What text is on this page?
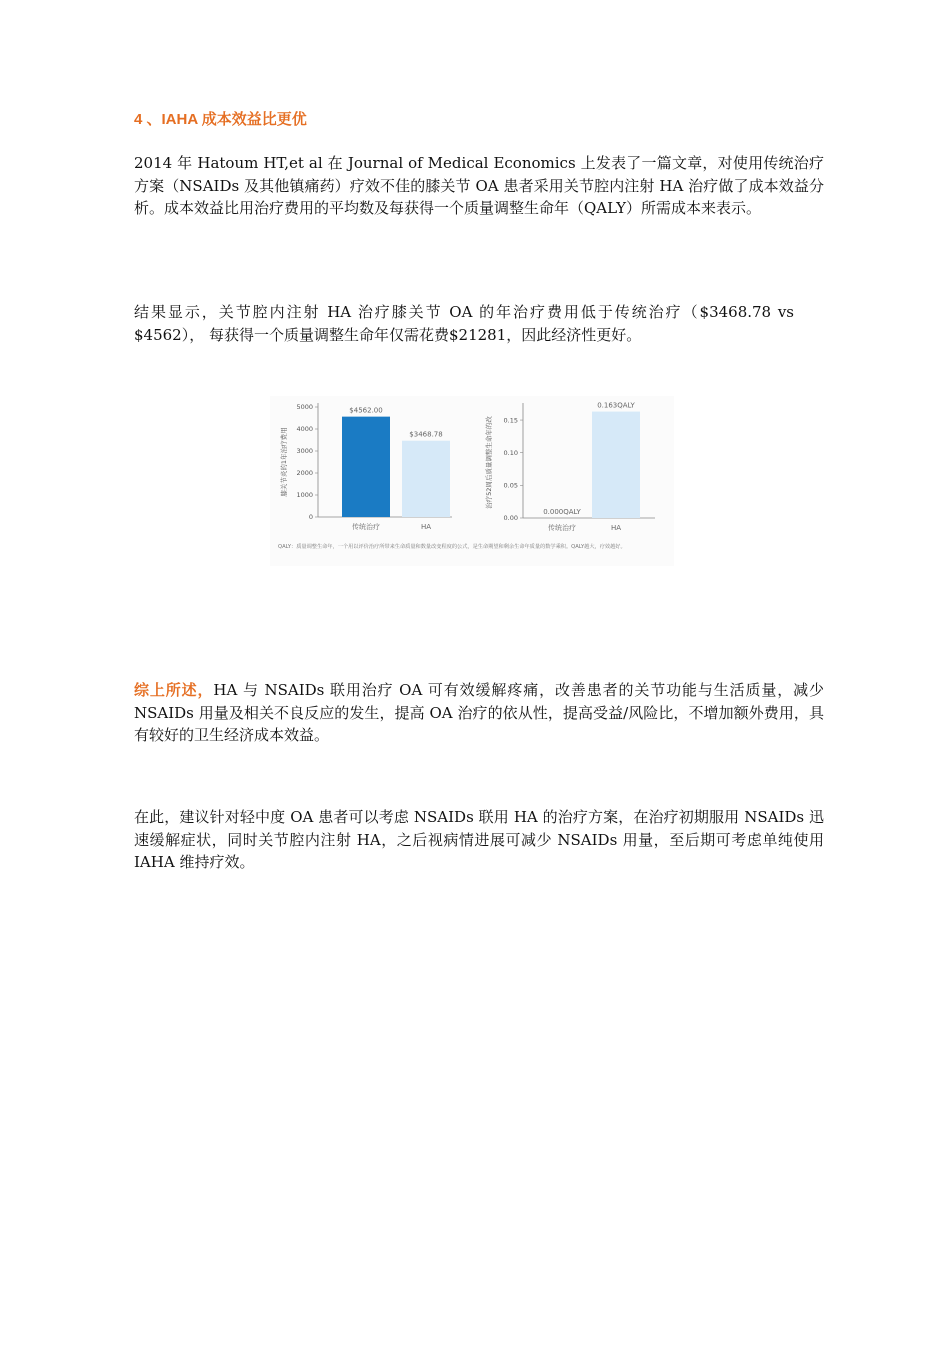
4 、IAHA 成本效益比更优
2014 年 Hatoum HT,et al 在 Journal of Medical Economics 上发表了一篇文章，对使用传统治疗方案（NSAIDs 及其他镇痛药）疗效不佳的膝关节 OA 患者采用关节腔内注射 HA 治疗做了成本效益分析。成本效益比用治疗费用的平均数及每获得一个质量调整生命年（QALY）所需成本来表示。
结果显示，关节腔内注射 HA 治疗膝关节 OA 的年治疗费用低于传统治疗（$3468.78 vs $4562）， 每获得一个质量调整生命年仅需花费$21281，因此经济性更好。
0
1000
2000
3000
4000
5000
膝关节炎的1年治疗费用
$4562.00
传统治疗
$3468.78
HA
0.00
0.05
0.10
0.15
治疗52周后质量调整生命年的改
0.000QALY
传统治疗
0.163QALY
HA
QALY：质量调整生命年，一个用以评价治疗所带来生命质量和数量改变程度的公式，是生命期望和剩余生命年质量的数学乘积。QALY越大，疗效越好。
综上所述，HA 与 NSAIDs 联用治疗 OA 可有效缓解疼痛，改善患者的关节功能与生活质量，减少 NSAIDs 用量及相关不良反应的发生，提高 OA 治疗的依从性，提高受益/风险比，不增加额外费用，具有较好的卫生经济成本效益。
在此，建议针对轻中度 OA 患者可以考虑 NSAIDs 联用 HA 的治疗方案，在治疗初期服用 NSAIDs 迅速缓解症状，同时关节腔内注射 HA，之后视病情进展可减少 NSAIDs 用量，至后期可考虑单纯使用 IAHA 维持疗效。
